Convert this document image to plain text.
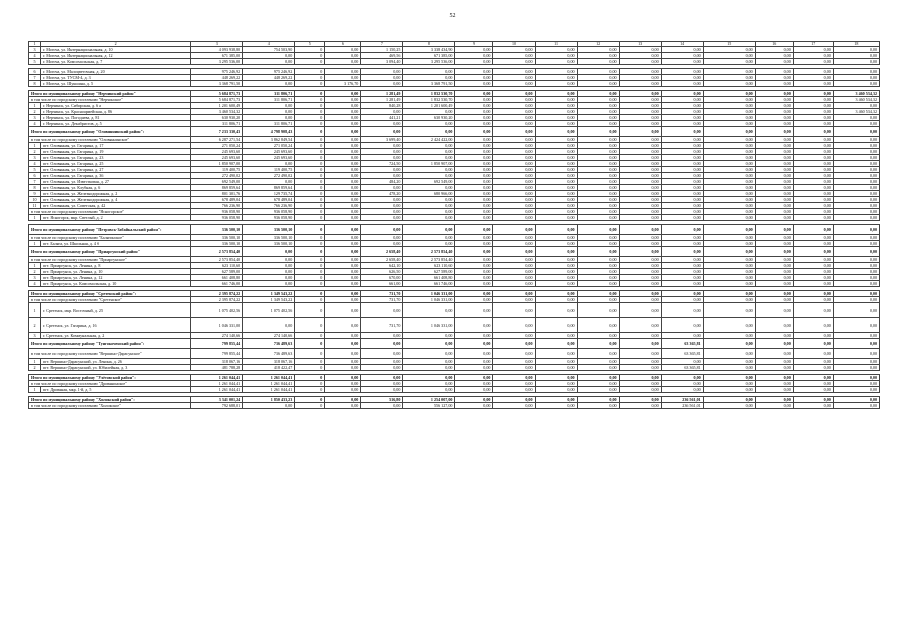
52
1	2	3	4	5	6	7	8	9	10	11	12	13	14	15	16	17	18
3	г. Могоча, ул. Интернациональная, д. 10	4 093 938,80	754 503,90	0	0,00	1 150,25	3 338 434,90	0,00	0,00	0,00	0,00	0,00	0,00	0,00	0,00	0,00	0,00
4	г. Могоча, ул. Интернациональная, д. 12	671 385,00	0,00	0	0,00	469,56	671 385,00	0,00	0,00	0,00	0,00	0,00	0,00	0,00	0,00	0,00	0,00
5	г. Могоча, ул. Комсомольская, д. 7	3 295 536,00	0,00	0	0,00	3 094,40	3 295 536,00	0,00	0,00	0,00	0,00	0,00	0,00	0,00	0,00	0,00	0,00

6	г. Могоча, ул. Малоцветочная, д. 20	975 246,92	975 246,92	0	0,00	0,00	0,00	0,00	0,00	0,00	0,00	0,00	0,00	0,00	0,00	0,00	0,00
7	г. Могоча, ул. ТУСМ-4, д. 3	448 269,22	448 269,22	0	0,00	0,00	0,00	0,00	0,00	0,00	0,00	0,00	0,00	0,00	0,00	0,00	0,00
8	г. Могоча, ул. Шукшина, д. 5	3 368 791,50	0,00	0	3 176,70	0,00	3 368 791,50	0,00	0,00	0,00	0,00	0,00	0,00	0,00	0,00	0,00	0,00

Итого по муниципальному району "Нерчинский район"		5 684 871,73	311 806,71	0	0,00	1 281,49	1 832 530,70	0,00	0,00	0,00	0,00	0,00	0,00	0,00	0,00	0,00	3 460 534,32
в том числе по городскому поселению "Нерчинское"		5 684 871,73	311 806,71	0	0,00	1 281,49	1 832 530,70	0,00	0,00	0,00	0,00	0,00	0,00	0,00	0,00	0,00	3 460 534,32
1	г. Нерчинск, ул. Сибирская, д. 6 а	1 201 600,49	0,00	0	0,00	840,28	1 201 600,49	0,00	0,00	0,00	0,00	0,00	0,00	0,00	0,00	0,00	0,00
2	г. Нерчинск, ул. Красноармейская, д. 86	3 460 534,32	0,00	0	0,00	0,00	0,00	0,00	0,00	0,00	0,00	0,00	0,00	0,00	0,00	0,00	3 460 534,32
3	г. Нерчинск, ул. Погодаева, д. 81	630 930,20	0,00	0	0,00	441,21	630 930,20	0,00	0,00	0,00	0,00	0,00	0,00	0,00	0,00	0,00	0,00
4	г. Нерчинск, ул. Декабристов, д. 5	311 806,71	311 806,71	0	0,00	0,00	0,00	0,00	0,00	0,00	0,00	0,00	0,00	0,00	0,00	0,00	0,00
Итого по муниципальному району "Оловяннинский район":		7 233 330,43	4 798 908,43	0	0,00	0,00	0,00	0,00	0,00	0,00	0,00	0,00	0,00	0,00	0,00	0,00	0,00
в том числе по городскому поселению "Оловяннинское"		6 287 271,54	3 862 849,54	0	0,00	3 699,40	2 424 422,00	0,00	0,00	0,00	0,00	0,00	0,00	0,00	0,00	0,00	0,00
1	пгт. Оловянная, ул. Гагарина, д. 17	271 050,24	271 050,24	0	0,00	0,00	0,00	0,00	0,00	0,00	0,00	0,00	0,00	0,00	0,00	0,00	0,00
2	пгт. Оловянная, ул. Гагарина, д. 19	245 693,60	245 693,60	0	0,00	0,00	0,00	0,00	0,00	0,00	0,00	0,00	0,00	0,00	0,00	0,00	0,00
3	пгт. Оловянная, ул. Гагарина, д. 23	245 693,60	245 693,60	0	0,00	0,00	0,00	0,00	0,00	0,00	0,00	0,00	0,00	0,00	0,00	0,00	0,00
4	пгт. Оловянная, ул. Гагарина, д. 25	1 850 907,00	0,00	0	0,00	724,50	1 850 907,00	0,00	0,00	0,00	0,00	0,00	0,00	0,00	0,00	0,00	0,00
5	пгт. Оловянная, ул. Гагарина, д. 27	119 400,75	119 400,75	0	0,00	0,00	0,00	0,00	0,00	0,00	0,00	0,00	0,00	0,00	0,00	0,00	0,00
6	пгт. Оловянная, ул. Гагарина, д. 36	272 490,02	272 490,02	0	0,00	0,00	0,00	0,00	0,00	0,00	0,00	0,00	0,00	0,00	0,00	0,00	0,00
7	пгт. Оловянная, ул. Известковая, д. 27	692 549,00	0,00	0	0,00	484,20	692 549,00	0,00	0,00	0,00	0,00	0,00	0,00	0,00	0,00	0,00	0,00
8	пгт. Оловянная, ул. Клубная, д. 6	869 859,64	869 859,64	0	0,00	0,00	0,00	0,00	0,00	0,00	0,00	0,00	0,00	0,00	0,00	0,00	0,00
9	пгт. Оловянная, ул. Железнодорожная, д. 2	801 301,76	129 735,74	0	0,00	478,20	680 966,00	0,00	0,00	0,00	0,00	0,00	0,00	0,00	0,00	0,00	0,00
10	пгт. Оловянная, ул. Железнодорожная, д. 4	678 489,04	678 489,04	0	0,00	0,00	0,00	0,00	0,00	0,00	0,00	0,00	0,00	0,00	0,00	0,00	0,00
11	пгт. Оловянная, ул. Советская, д. 42	766 236,90	766 236,90	0	0,00	0,00	0,00	0,00	0,00	0,00	0,00	0,00	0,00	0,00	0,00	0,00	0,00
в том числе по городскому поселению "Ясногорское"		936 058,90	936 058,90	0	0,00	0,00	0,00	0,00	0,00	0,00	0,00	0,00	0,00	0,00	0,00	0,00	0,00
1	пгт. Ясногорск, мкр. Светлый, д. 2	936 058,90	936 058,90	0	0,00	0,00	0,00	0,00	0,00	0,00	0,00	0,00	0,00	0,00	0,00	0,00	0,00

Итого по муниципальному району "Петровск-Забайкальский район":		336 500,10	336 500,10	0	0,00	0,00	0,00	0,00	0,00	0,00	0,00	0,00	0,00	0,00	0,00	0,00	0,00
в том числе по городскому поселению "Балягинское"		336 500,10	336 500,10	0	0,00	0,00	0,00	0,00	0,00	0,00	0,00	0,00	0,00	0,00	0,00	0,00	0,00
1	пгт. Баляга, ул. Школьная, д. 4 б	336 500,10	336 500,10	0	0,00	0,00	0,00	0,00	0,00	0,00	0,00	0,00	0,00	0,00	0,00	0,00	0,00
Итого по муниципальному району "Приаргунский район"		2 573 854,40	0,00	0	0,00	2 658,40	2 573 854,40	0,00	0,00	0,00	0,00	0,00	0,00	0,00	0,00	0,00	0,00
в том числе по городскому поселению "Приаргунское"		2 573 854,40	0,00	0	0,00	2 658,40	2 573 854,40	0,00	0,00	0,00	0,00	0,00	0,00	0,00	0,00	0,00	0,00
1	пгт. Приаргунск, ул. Ленина, д. 8	623 110,60	0,00	0	0,00	642,10	623 110,60	0,00	0,00	0,00	0,00	0,00	0,00	0,00	0,00	0,00	0,00
2	пгт. Приаргунск, ул. Ленина, д. 10	627 589,00	0,00	0	0,00	626,50	627 589,00	0,00	0,00	0,00	0,00	0,00	0,00	0,00	0,00	0,00	0,00
3	пгт. Приаргунск, ул. Ленина, д. 12	661 408,80	0,00	0	0,00	670,00	661 408,80	0,00	0,00	0,00	0,00	0,00	0,00	0,00	0,00	0,00	0,00
4	пгт. Приаргунск, ул. Комсомольская, д. 10	661 746,00	0,00	0	0,00	661,00	661 746,00	0,00	0,00	0,00	0,00	0,00	0,00	0,00	0,00	0,00	0,00

Итого по муниципальному району "Сретенский район":		2 395 874,22	1 349 543,22	0	0,00	731,70	1 046 331,00	0,00	0,00	0,00	0,00	0,00	0,00	0,00	0,00	0,00	0,00
в том числе по городскому поселению "Сретенское"		2 395 874,22	1 349 543,22	0	0,00	731,70	1 046 331,00	0,00	0,00	0,00	0,00	0,00	0,00	0,00	0,00	0,00	0,00
1	г. Сретенск, мкр. Восточный, д. 25	1 075 402,56	1 075 402,56	0	0,00	0,00	0,00	0,00	0,00	0,00	0,00	0,00	0,00	0,00	0,00	0,00	0,00
2	г. Сретенск, ул. Гагарина, д. 16	1 046 331,00	0,00	0	0,00	731,70	1 046 331,00	0,00	0,00	0,00	0,00	0,00	0,00	0,00	0,00	0,00	0,00
3	г. Сретенск, ул. Коммунальная, д. 2	274 140,66	274 140,66	0	0,00	0,00	0,00	0,00	0,00	0,00	0,00	0,00	0,00	0,00	0,00	0,00	0,00
Итого по муниципальному району "Тунгокоченский район":		799 855,44	736 489,63	0	0,00	0,00	0,00	0,00	0,00	0,00	0,00	0,00	63 365,81	0,00	0,00	0,00	0,00
в том числе по городскому поселению "Вершино-Дарасунское"		799 855,44	736 489,63	0	0,00	0,00	0,00	0,00	0,00	0,00	0,00	0,00	63 365,81	0,00	0,00	0,00	0,00
1	пгт. Вершино-Дарасунский, ул. Ленина, д. 26	318 067,16	318 067,16	0	0,00	0,00	0,00	0,00	0,00	0,00	0,00	0,00	0,00	0,00	0,00	0,00	0,00
2	пгт. Вершино-Дарасунский, ул. Юбилейная, д. 3	481 788,28	418 422,47	0	0,00	0,00	0,00	0,00	0,00	0,00	0,00	0,00	63 365,81	0,00	0,00	0,00	0,00

Итого по муниципальному району "Улётовский район":		1 261 044,41	1 261 044,41	0	0,00	0,00	0,00	0,00	0,00	0,00	0,00	0,00	0,00	0,00	0,00	0,00	0,00
в том числе по городскому поселению "Дровянинское"		1 261 044,41	1 261 044,41	0	0,00	0,00	0,00	0,00	0,00	0,00	0,00	0,00	0,00	0,00	0,00	0,00	0,00
1	пгт. Дровяная, мкр. 1-й, д. 5	1 261 044,41	1 261 044,41	0	0,00	0,00	0,00	0,00	0,00	0,00	0,00	0,00	0,00	0,00	0,00	0,00	0,00

Итого по муниципальному району "Хилокский район":		3 341 001,24	1 850 433,23	0	0,00	516,80	1 254 007,00	0,00	0,00	0,00	0,00	0,00	236 561,01	0,00	0,00	0,00	0,00
в том числе по городскому поселению "Хилокское"		792 688,01	0,00	0	0,00	0,00	556 127,00	0,00	0,00	0,00	0,00	0,00	236 561,01	0,00	0,00	0,00	0,00
